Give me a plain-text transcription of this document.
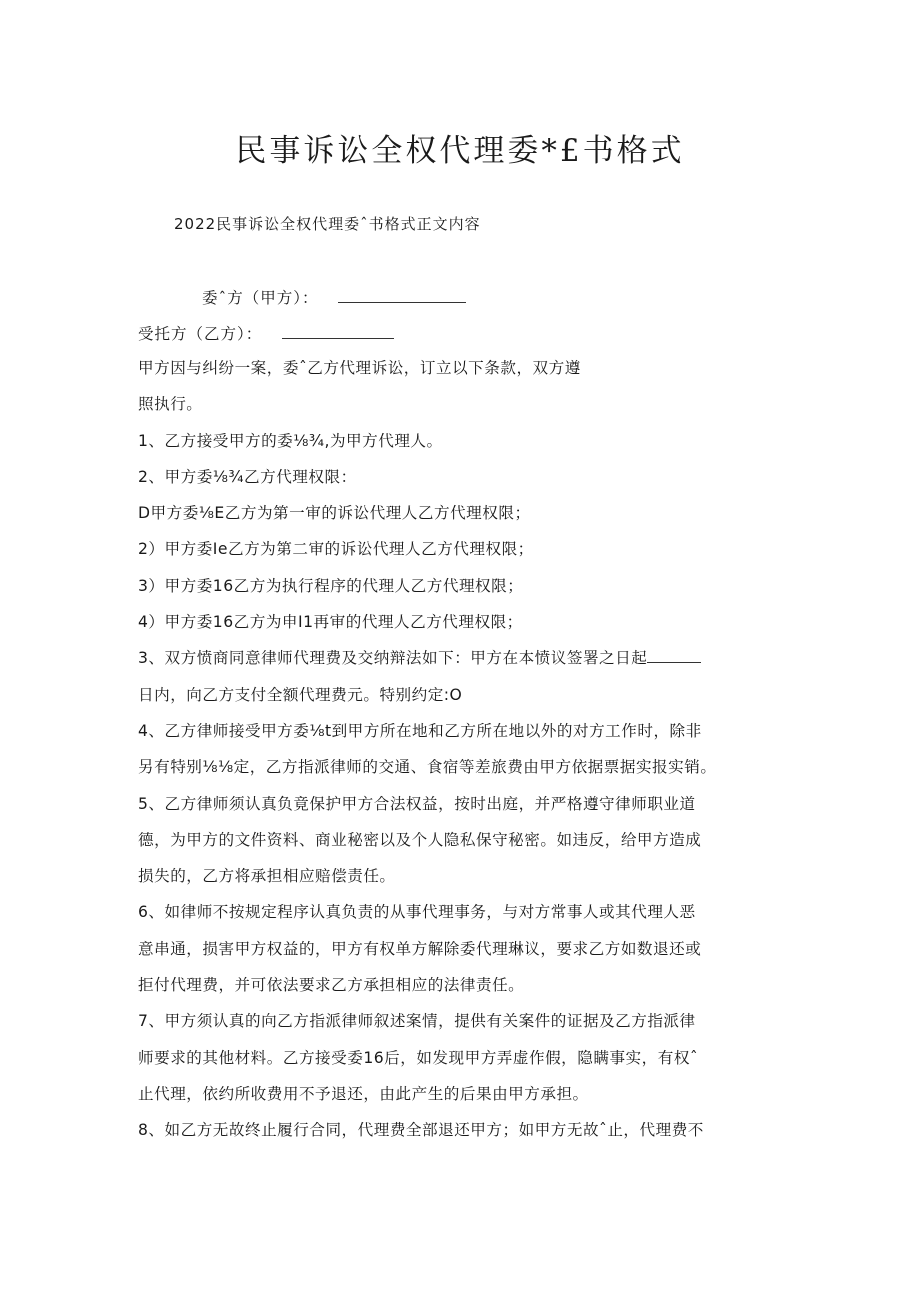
民事诉讼全权代理委*£书格式
2022民事诉讼全权代理委ˆ书格式正文内容
委ˆ方（甲方）：
受托方（乙方）：
甲方因与纠纷一案，委ˆ乙方代理诉讼，订立以下条款，双方遵
照执行。
1、乙方接受甲方的委⅛¾,为甲方代理人。
2、甲方委⅛¾乙方代理权限：
D甲方委⅛E乙方为第一审的诉讼代理人乙方代理权限；
2）甲方委Ie乙方为第二审的诉讼代理人乙方代理权限；
3）甲方委16乙方为执行程序的代理人乙方代理权限；
4）甲方委16乙方为申I1再审的代理人乙方代理权限；
3、双方愤商同意律师代理费及交纳辩法如下：甲方在本愤议签署之日起
日内，向乙方支付全额代理费元。特别约定:O
4、乙方律师接受甲方委⅛t到甲方所在地和乙方所在地以外的对方工作时，除非
另有特别⅛⅛定，乙方指派律师的交通、食宿等差旅费由甲方依据票据实报实销。
5、乙方律师须认真负竟保护甲方合法权益，按时出庭，并严格遵守律师职业道
德，为甲方的文件资料、商业秘密以及个人隐私保守秘密。如违反，给甲方造成
损失的，乙方将承担相应赔偿责任。
6、如律师不按规定程序认真负责的从事代理事务，与对方常事人或其代理人恶
意串通，损害甲方权益的，甲方有权单方解除委代理琳议，要求乙方如数退还或
拒付代理费，并可依法要求乙方承担相应的法律责任。
7、甲方须认真的向乙方指派律师叙述案情，提供有关案件的证据及乙方指派律
师要求的其他材料。乙方接受委16后，如发现甲方弄虚作假，隐瞒事实，有权ˆ
止代理，依约所收费用不予退还，由此产生的后果由甲方承担。
8、如乙方无故终止履行合同，代理费全部退还甲方；如甲方无故ˆ止，代理费不
